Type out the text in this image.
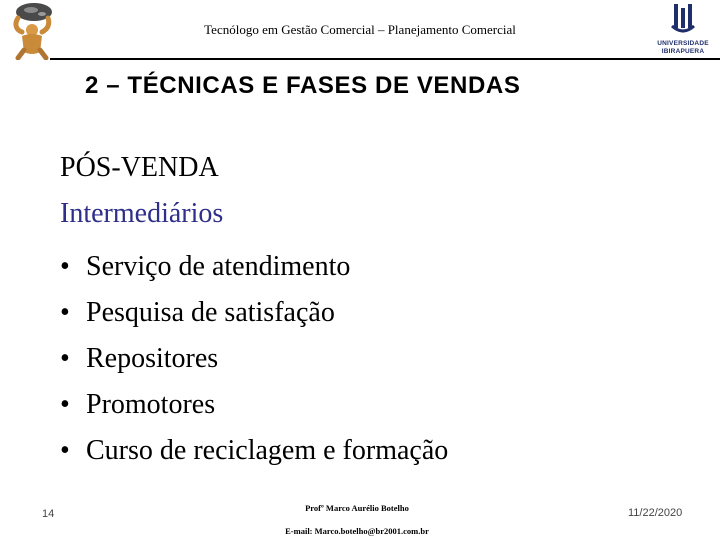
Tecnólogo em Gestão Comercial – Planejamento Comercial
UNIVERSIDADE IBIRAPUERA
2 – TÉCNICAS E FASES DE VENDAS
PÓS-VENDA
Intermediários
• Serviço de atendimento
• Pesquisa de satisfação
• Repositores
• Promotores
• Curso de reciclagem e formação
14	Profº Marco Aurélio Botelho
E-mail: Marco.botelho@br2001.com.br
11/22/2020
